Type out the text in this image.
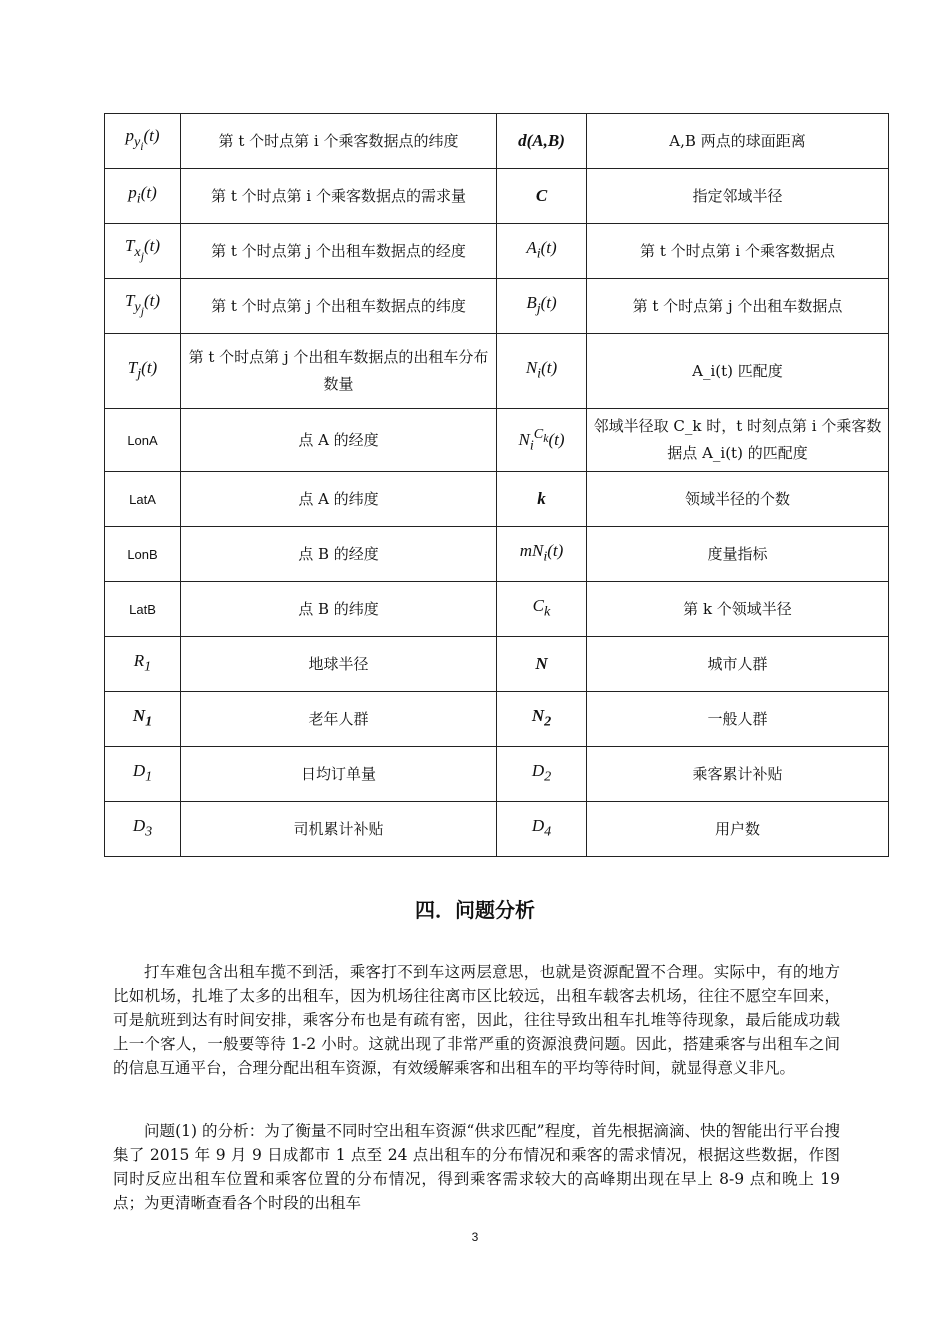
$p_{y_i}(t)$	第 t 个时点第 i 个乘客数据点的纬度	d(A,B)	A,B 两点的球面距离
$p_i(t)$	第 t 个时点第 i 个乘客数据点的需求量	C	指定邻域半径
$T_{x_j}(t)$	第 t 个时点第 j 个出租车数据点的经度	$A_i(t)$	第 t 个时点第 i 个乘客数据点
$T_{y_j}(t)$	第 t 个时点第 j 个出租车数据点的纬度	$B_j(t)$	第 t 个时点第 j 个出租车数据点
$T_j(t)$	第 t 个时点第 j 个出租车数据点的出租车分布数量	$N_i(t)$	A_i(t) 匹配度
LonA	点 A 的经度	$N_i^{C_k}(t)$	邻域半径取 C_k 时，t 时刻点第 i 个乘客数据点 A_i(t) 的匹配度
LatA	点 A 的纬度	k	领域半径的个数
LonB	点 B 的经度	$mN_i(t)$	度量指标
LatB	点 B 的纬度	$C_k$	第 k 个领域半径
$R_1$	地球半径	N	城市人群
$N_1$	老年人群	$N_2$	一般人群
$D_1$	日均订单量	$D_2$	乘客累计补贴
$D_3$	司机累计补贴	$D_4$	用户数
四．问题分析

打车难包含出租车揽不到活，乘客打不到车这两层意思，也就是资源配置不合理。实际中，有的地方比如机场，扎堆了太多的出租车，因为机场往往离市区比较远，出租车载客去机场，往往不愿空车回来，可是航班到达有时间安排，乘客分布也是有疏有密，因此，往往导致出租车扎堆等待现象，最后能成功载上一个客人，一般要等待 1-2 小时。这就出现了非常严重的资源浪费问题。因此，搭建乘客与出租车之间的信息互通平台，合理分配出租车资源，有效缓解乘客和出租车的平均等待时间，就显得意义非凡。

问题(1) 的分析：为了衡量不同时空出租车资源“供求匹配”程度，首先根据滴滴、快的智能出行平台搜集了 2015 年 9 月 9 日成都市 1 点至 24 点出租车的分布情况和乘客的需求情况，根据这些数据，作图同时反应出租车位置和乘客位置的分布情况，得到乘客需求较大的高峰期出现在早上 8-9 点和晚上 19 点；为更清晰查看各个时段的出租车

3
